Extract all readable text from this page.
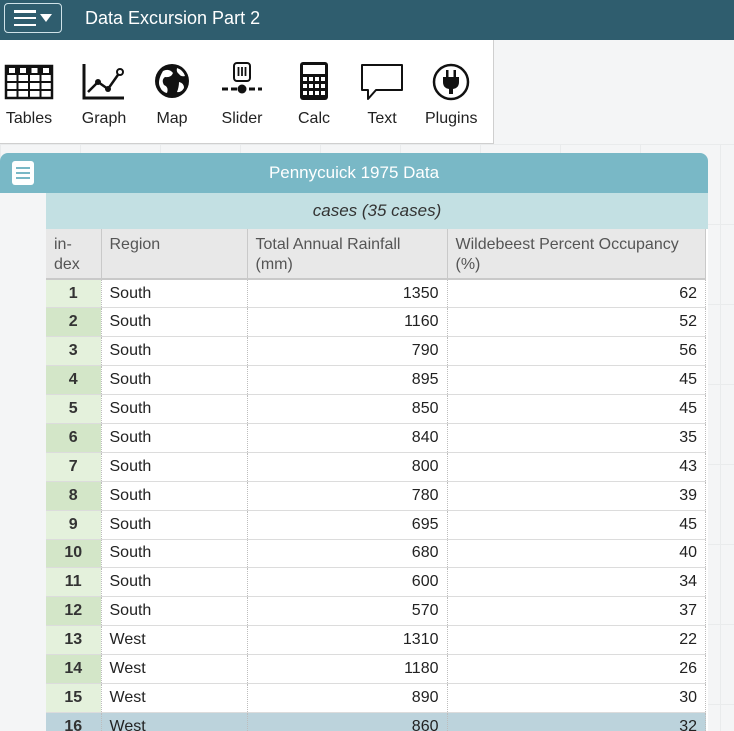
Data Excursion Part 2
Tables Graph Map Slider Calc Text Plugins
Pennycuick 1975 Data
cases (35 cases)
in-
dex	Region	Total Annual Rainfall (mm)	Wildebeest Percent Occupancy (%)
1	South	1350	62
2	South	1160	52
3	South	790	56
4	South	895	45
5	South	850	45
6	South	840	35
7	South	800	43
8	South	780	39
9	South	695	45
10	South	680	40
11	South	600	34
12	South	570	37
13	West	1310	22
14	West	1180	26
15	West	890	30
16	West	860	32
